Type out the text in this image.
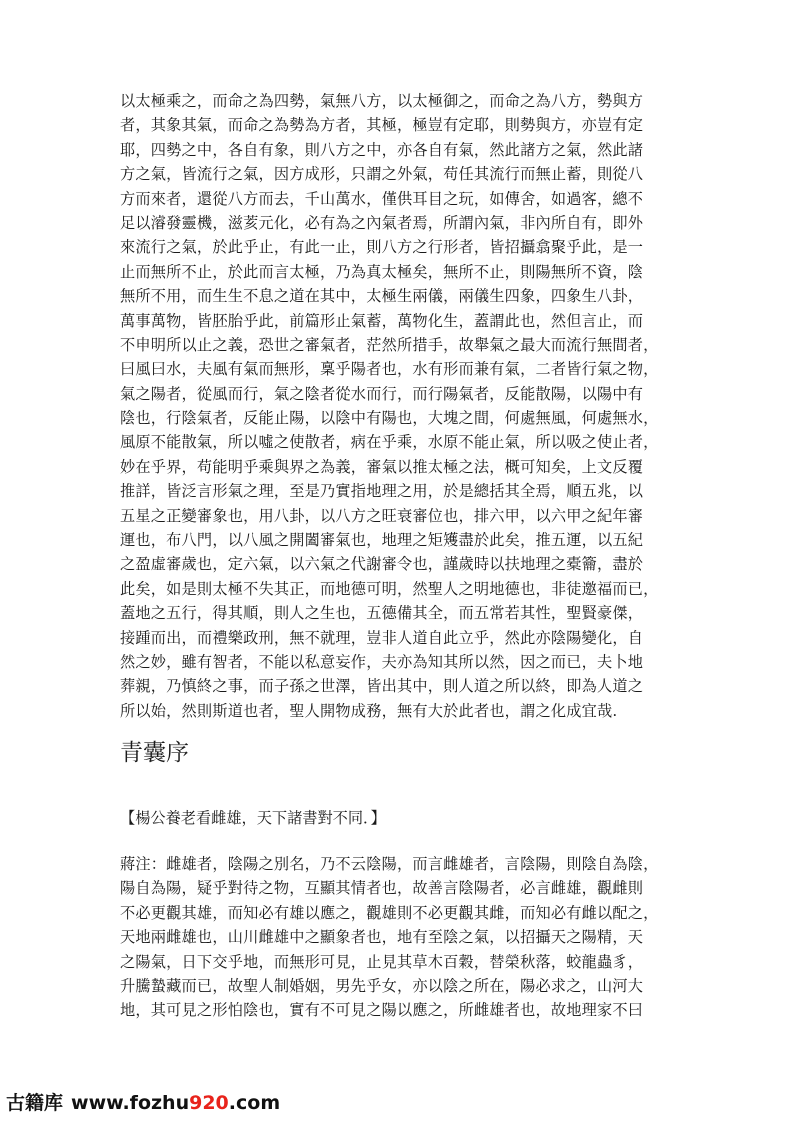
以太極乘之，而命之為四勢，氣無八方，以太極御之，而命之為八方，勢與方
者，其象其氣，而命之為勢為方者，其極，極豈有定耶，則勢與方，亦豈有定
耶，四勢之中，各自有象，則八方之中，亦各自有氣，然此諸方之氣，然此諸
方之氣，皆流行之氣，因方成形，只謂之外氣，苟任其流行而無止蓄，則從八
方而來者，還從八方而去，千山萬水，僅供耳目之玩，如傳舍，如過客，總不
足以濬發靈機，滋荄元化，必有為之內氣者焉，所謂內氣，非內所自有，即外
來流行之氣，於此乎止，有此一止，則八方之行形者，皆招攝翕聚乎此，是一
止而無所不止，於此而言太極，乃為真太極矣，無所不止，則陽無所不資，陰
無所不用，而生生不息之道在其中，太極生兩儀，兩儀生四象，四象生八卦，
萬事萬物，皆胚胎乎此，前篇形止氣蓄，萬物化生，蓋謂此也，然但言止，而
不申明所以止之義，恐世之審氣者，茫然所措手，故舉氣之最大而流行無間者，
曰風曰水，夫風有氣而無形，稟乎陽者也，水有形而兼有氣，二者皆行氣之物，
氣之陽者，從風而行，氣之陰者從水而行，而行陽氣者，反能散陽，以陽中有
陰也，行陰氣者，反能止陽，以陰中有陽也，大塊之間，何處無風，何處無水，
風原不能散氣，所以噓之使散者，病在乎乘，水原不能止氣，所以吸之使止者，
妙在乎界，苟能明乎乘與界之為義，審氣以推太極之法，概可知矣，上文反覆
推詳，皆泛言形氣之理，至是乃實指地理之用，於是總括其全焉，順五兆，以
五星之正變審象也，用八卦，以八方之旺衰審位也，排六甲，以六甲之紀年審
運也，布八門，以八風之開闔審氣也，地理之矩矱盡於此矣，推五運，以五紀
之盈虛審歲也，定六氣，以六氣之代謝審令也，謹歲時以扶地理之橐籥，盡於
此矣，如是則太極不失其正，而地德可明，然聖人之明地德也，非徒邀福而已，
蓋地之五行，得其順，則人之生也，五德備其全，而五常若其性，聖賢豪傑，
接踵而出，而禮樂政刑，無不就理，豈非人道自此立乎，然此亦陰陽變化，自
然之妙，雖有智者，不能以私意妄作，夫亦為知其所以然，因之而已，夫卜地
葬親，乃慎終之事，而子孫之世澤，皆出其中，則人道之所以終，即為人道之
所以始，然則斯道也者，聖人開物成務，無有大於此者也，謂之化成宜哉.
青囊序
【楊公養老看雌雄，天下諸書對不同．】
蔣注：雌雄者，陰陽之別名，乃不云陰陽，而言雌雄者，言陰陽，則陰自為陰，
陽自為陽，疑乎對待之物，互顯其情者也，故善言陰陽者，必言雌雄，觀雌則
不必更觀其雄，而知必有雄以應之，觀雄則不必更觀其雌，而知必有雌以配之，
天地兩雌雄也，山川雌雄中之顯象者也，地有至陰之氣，以招攝天之陽精，天
之陽氣，日下交乎地，而無形可見，止見其草木百穀，替榮秋落，蛟龍蟲豸，
升騰蟄藏而已，故聖人制婚姻，男先乎女，亦以陰之所在，陽必求之，山河大
地，其可見之形怕陰也，實有不可見之陽以應之，所雌雄者也，故地理家不曰
古籍库 www.fozhu920.com
